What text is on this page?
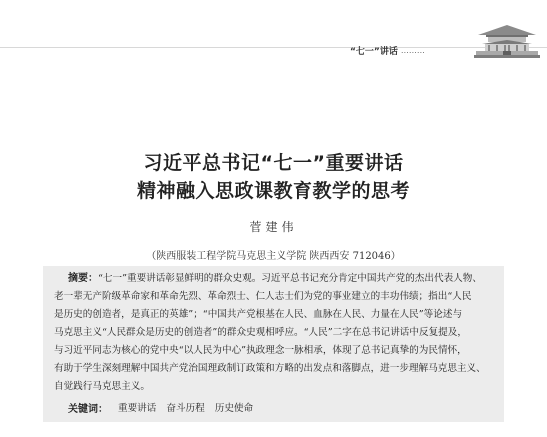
“七一”讲话 ………
习近平总书记“七一”重要讲话
精神融入思政课教育教学的思考
菅建伟
（陕西服装工程学院马克思主义学院 陕西西安 712046）

摘要：“七一”重要讲话彰显鲜明的群众史观。习近平总书记充分肯定中国共产党的杰出代表人物、
老一辈无产阶级革命家和革命先烈、革命烈士、仁人志士们为党的事业建立的丰功伟绩；指出“人民
是历史的创造者，是真正的英雄”；“中国共产党根基在人民、血脉在人民、力量在人民”等论述与
马克思主义“人民群众是历史的创造者”的群众史观相呼应。“人民”二字在总书记讲话中反复提及，
与习近平同志为核心的党中央“以人民为中心”执政理念一脉相承，体现了总书记真挚的为民情怀，
有助于学生深刻理解中国共产党治国理政制订政策和方略的出发点和落脚点，进一步理解马克思主义、
自觉践行马克思主义。

关键词： 重要讲话 奋斗历程 历史使命
